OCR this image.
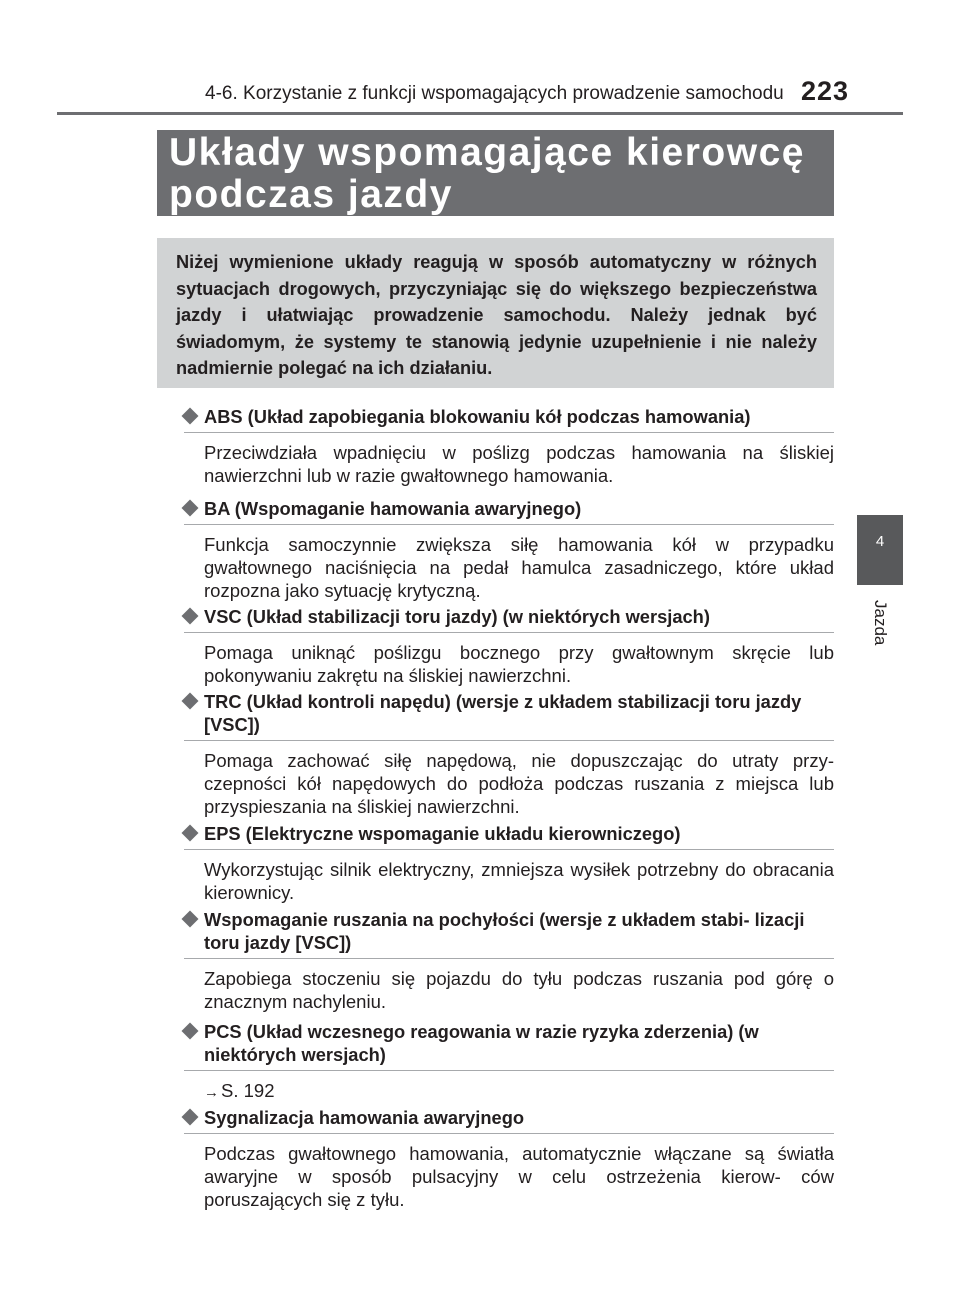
4-6. Korzystanie z funkcji wspomagających prowadzenie samochodu 223
4
Jazda
Układy wspomagające kierowcę podczas jazdy
Niżej wymienione układy reagują w sposób automatyczny w różnych sytuacjach drogowych, przyczyniając się do większego bezpieczeństwa jazdy i ułatwiając prowadzenie samochodu. Należy jednak być świadomym, że systemy te stanowią jedynie uzupełnienie i nie należy nadmiernie polegać na ich działaniu.
ABS (Układ zapobiegania blokowaniu kół podczas hamowania)
Przeciwdziała wpadnięciu w poślizg podczas hamowania na śliskiej nawierzchni lub w razie gwałtownego hamowania.
BA (Wspomaganie hamowania awaryjnego)
Funkcja samoczynnie zwiększa siłę hamowania kół w przypadku gwałtownego naciśnięcia na pedał hamulca zasadniczego, które układ rozpozna jako sytuację krytyczną.
VSC (Układ stabilizacji toru jazdy) (w niektórych wersjach)
Pomaga uniknąć poślizgu bocznego przy gwałtownym skręcie lub pokonywaniu zakrętu na śliskiej nawierzchni.
TRC (Układ kontroli napędu) (wersje z układem stabilizacji toru jazdy [VSC])
Pomaga zachować siłę napędową, nie dopuszczając do utraty przy- czepności kół napędowych do podłoża podczas ruszania z miejsca lub przyspieszania na śliskiej nawierzchni.
EPS (Elektryczne wspomaganie układu kierowniczego)
Wykorzystując silnik elektryczny, zmniejsza wysiłek potrzebny do obracania kierownicy.
Wspomaganie ruszania na pochyłości (wersje z układem stabi- lizacji toru jazdy [VSC])
Zapobiega stoczeniu się pojazdu do tyłu podczas ruszania pod górę o znacznym nachyleniu.
PCS (Układ wczesnego reagowania w razie ryzyka zderzenia) (w niektórych wersjach)
→ S. 192
Sygnalizacja hamowania awaryjnego
Podczas gwałtownego hamowania, automatycznie włączane są światła awaryjne w sposób pulsacyjny w celu ostrzeżenia kierow- ców poruszających się z tyłu.
